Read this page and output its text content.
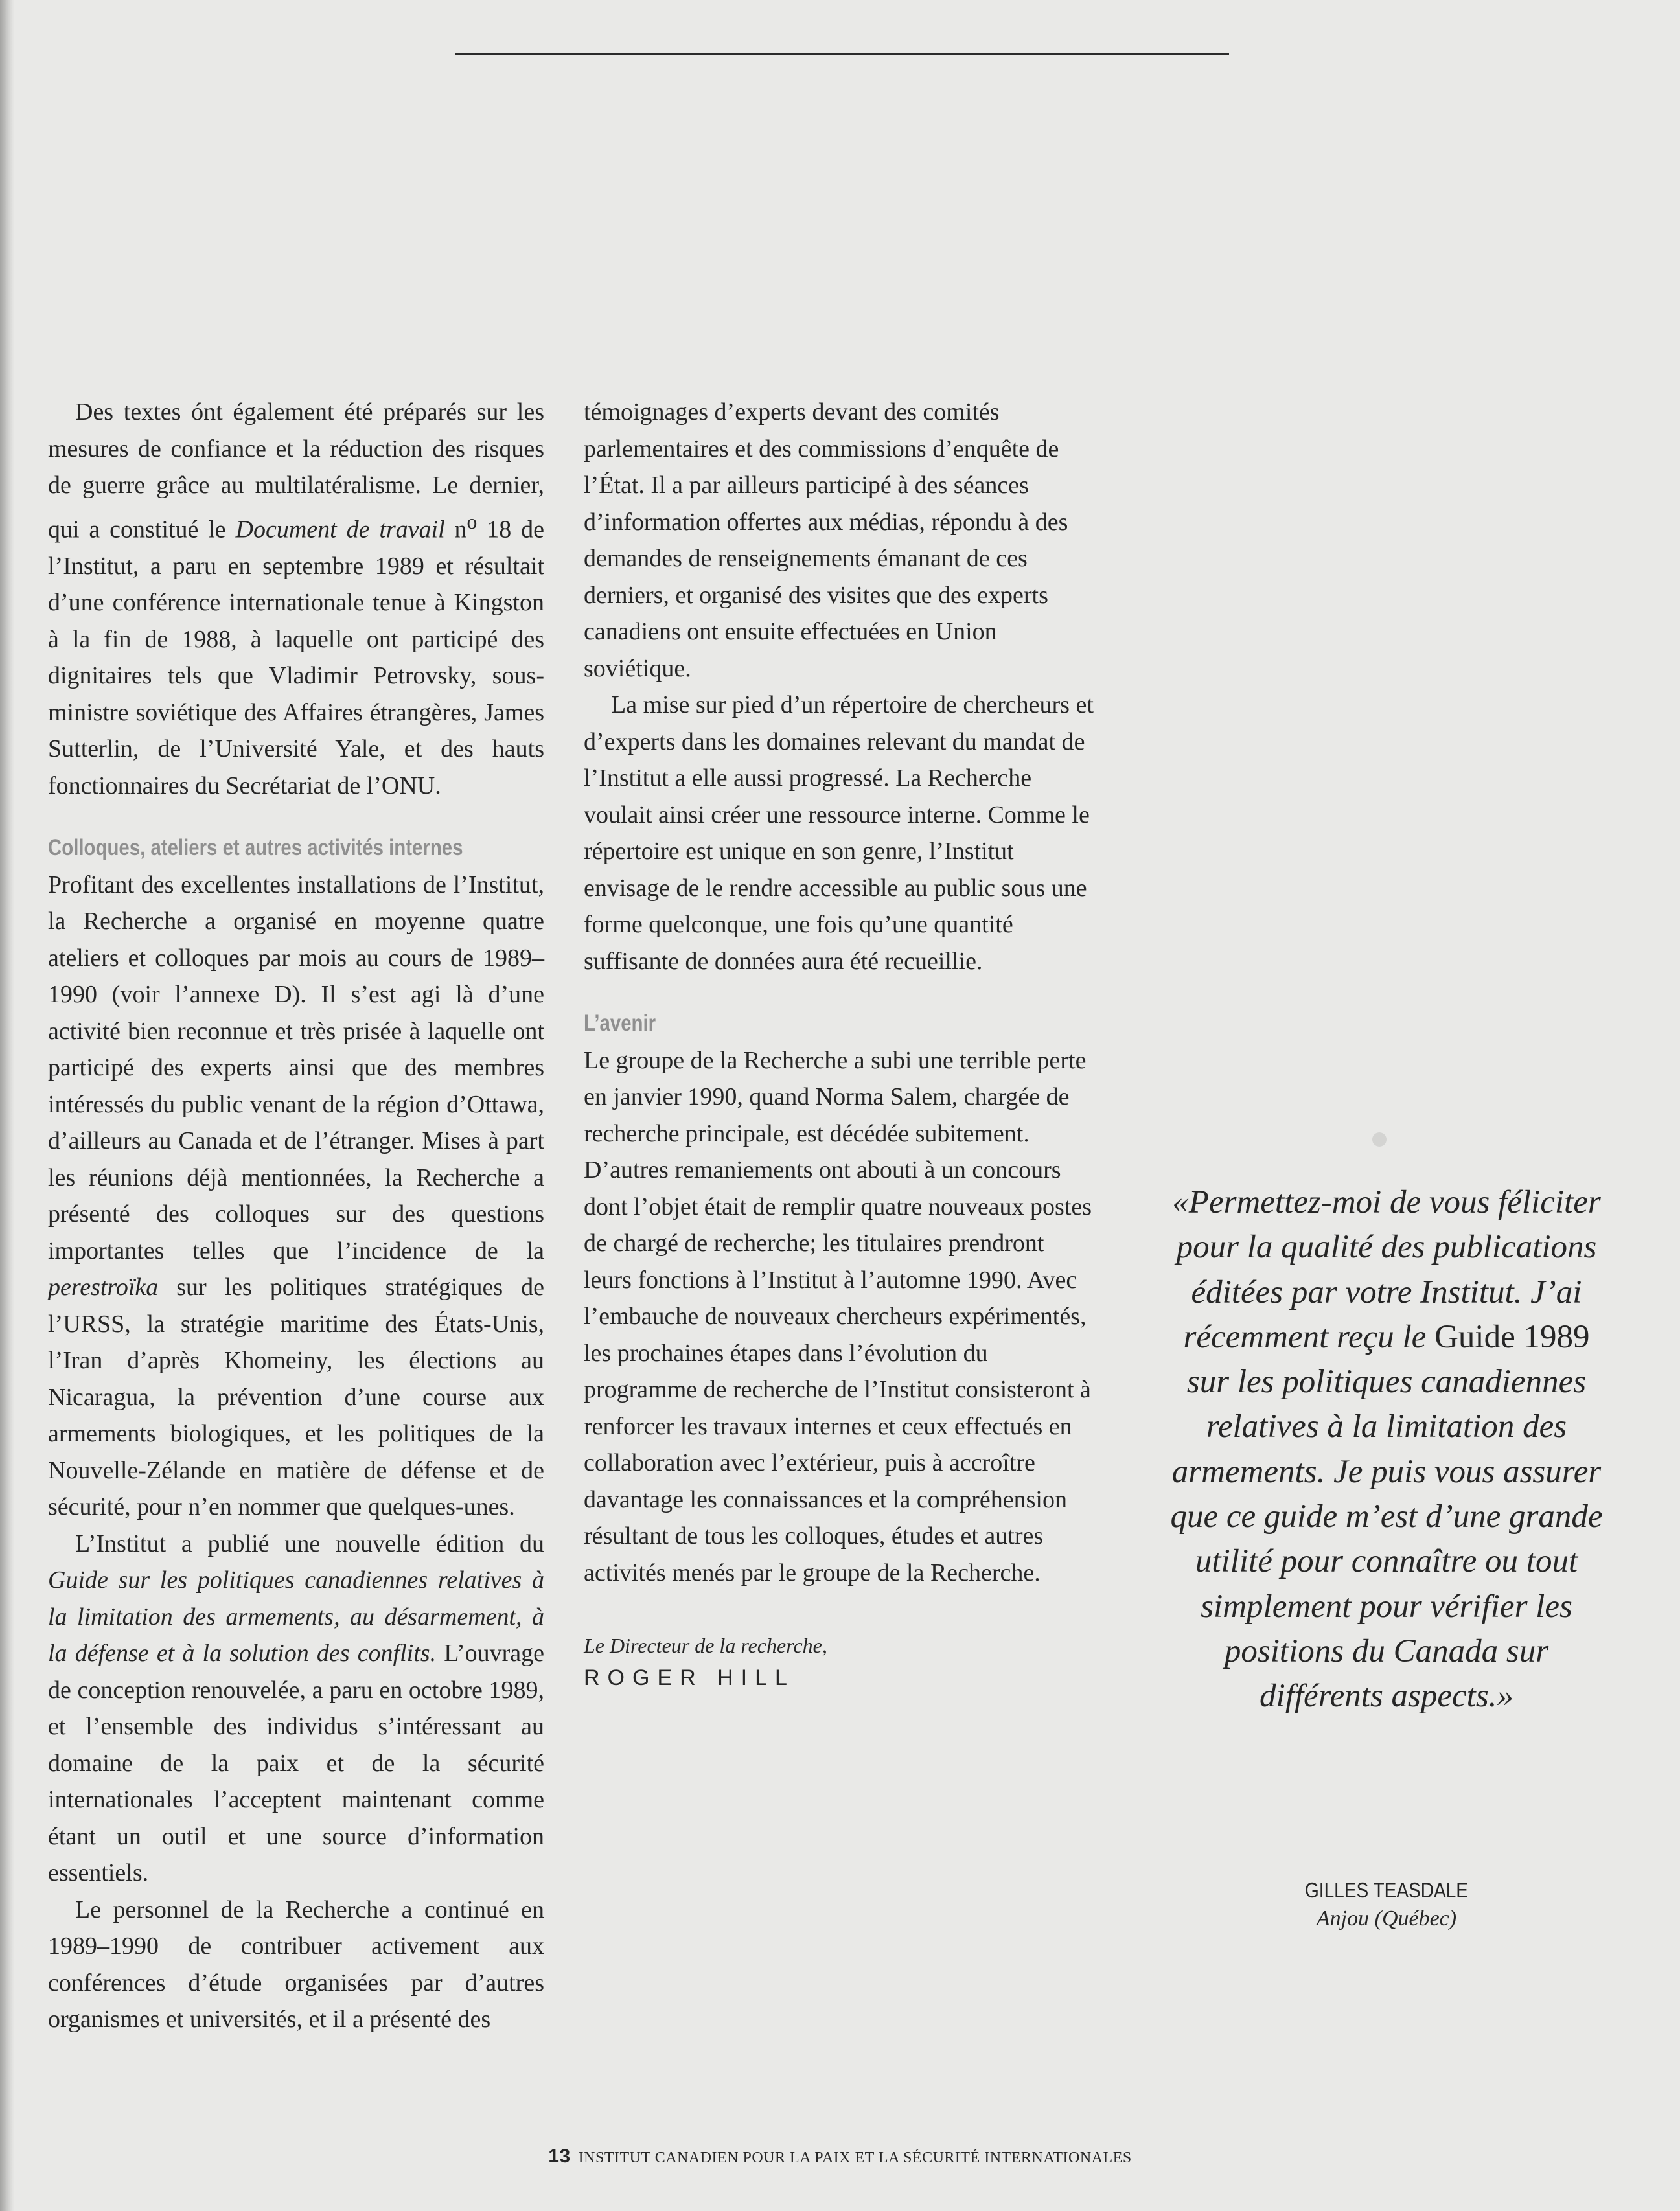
Des textes ónt également été préparés sur les mesures de confiance et la réduction des risques de guerre grâce au multilatéralisme. Le dernier, qui a constitué le Document de travail $n^o$ 18 de l’Institut, a paru en septembre 1989 et résultait d’une conférence internationale tenue à Kingston à la fin de 1988, à laquelle ont participé des dignitaires tels que Vladimir Petrovsky, sous-ministre soviétique des Affaires étrangères, James Sutterlin, de l’Université Yale, et des hauts fonctionnaires du Secrétariat de l’ONU.

Colloques, ateliers et autres activités internes

Profitant des excellentes installations de l’Institut, la Recherche a organisé en moyenne quatre ateliers et colloques par mois au cours de 1989–1990 (voir l’annexe D). Il s’est agi là d’une activité bien reconnue et très prisée à laquelle ont participé des experts ainsi que des membres intéressés du public venant de la région d’Ottawa, d’ailleurs au Canada et de l’étranger. Mises à part les réunions déjà mentionnées, la Recherche a présenté des colloques sur des questions importantes telles que l’incidence de la perestroïka sur les politiques stratégiques de l’URSS, la stratégie maritime des États-Unis, l’Iran d’après Khomeiny, les élections au Nicaragua, la prévention d’une course aux armements biologiques, et les politiques de la Nouvelle-Zélande en matière de défense et de sécurité, pour n’en nommer que quelques-unes.

L’Institut a publié une nouvelle édition du Guide sur les politiques canadiennes relatives à la limitation des armements, au désarmement, à la défense et à la solution des conflits. L’ouvrage de conception renouvelée, a paru en octobre 1989, et l’ensemble des individus s’intéressant au domaine de la paix et de la sécurité internationales l’acceptent maintenant comme étant un outil et une source d’information essentiels.

Le personnel de la Recherche a continué en 1989–1990 de contribuer activement aux conférences d’étude organisées par d’autres organismes et universités, et il a présenté des

témoignages d’experts devant des comités parlementaires et des commissions d’enquête de l’État. Il a par ailleurs participé à des séances d’information offertes aux médias, répondu à des demandes de renseignements émanant de ces derniers, et organisé des visites que des experts canadiens ont ensuite effectuées en Union soviétique.

La mise sur pied d’un répertoire de chercheurs et d’experts dans les domaines relevant du mandat de l’Institut a elle aussi progressé. La Recherche voulait ainsi créer une ressource interne. Comme le répertoire est unique en son genre, l’Institut envisage de le rendre accessible au public sous une forme quelconque, une fois qu’une quantité suffisante de données aura été recueillie.

L’avenir

Le groupe de la Recherche a subi une terrible perte en janvier 1990, quand Norma Salem, chargée de recherche principale, est décédée subitement. D’autres remaniements ont abouti à un concours dont l’objet était de remplir quatre nouveaux postes de chargé de recherche; les titulaires prendront leurs fonctions à l’Institut à l’automne 1990. Avec l’embauche de nouveaux chercheurs expérimentés, les prochaines étapes dans l’évolution du programme de recherche de l’Institut consisteront à renforcer les travaux internes et ceux effectués en collaboration avec l’extérieur, puis à accroître davantage les connaissances et la compréhension résultant de tous les colloques, études et autres activités menés par le groupe de la Recherche.

Le Directeur de la recherche,
ROGER HILL
«Permettez-moi de vous féliciter pour la qualité des publications éditées par votre Institut. J’ai récemment reçu le Guide 1989 sur les politiques canadiennes relatives à la limitation des armements. Je puis vous assurer que ce guide m’est d’une grande utilité pour connaître ou tout simplement pour vérifier les positions du Canada sur différents aspects.»
GILLES TEASDALE
Anjou (Québec)
13 INSTITUT CANADIEN POUR LA PAIX ET LA SÉCURITÉ INTERNATIONALES
